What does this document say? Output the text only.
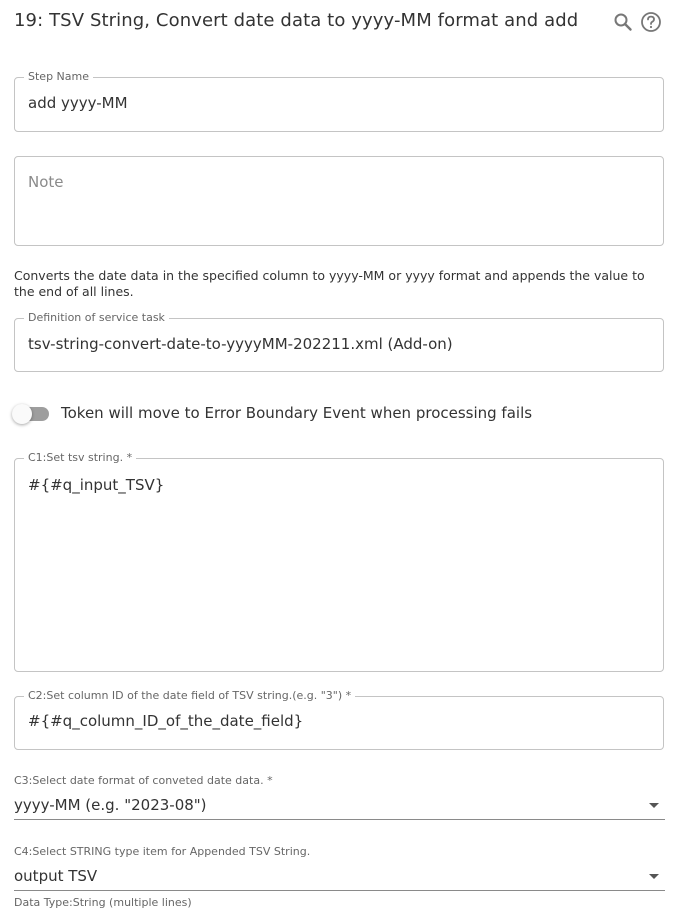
19: TSV String, Convert date data to yyyy-MM format and add
Step Name
add yyyy-MM
Note
Converts the date data in the specified column to yyyy-MM or yyyy format and appends the value to the end of all lines.
Definition of service task
tsv-string-convert-date-to-yyyyMM-202211.xml (Add-on)
Token will move to Error Boundary Event when processing fails
C1:Set tsv string. *
#{#q_input_TSV}
C2:Set column ID of the date field of TSV string.(e.g. "3") *
#{#q_column_ID_of_the_date_field}
C3:Select date format of conveted date data. *
yyyy-MM (e.g. "2023-08")
C4:Select STRING type item for Appended TSV String.
output TSV
Data Type:String (multiple lines)
